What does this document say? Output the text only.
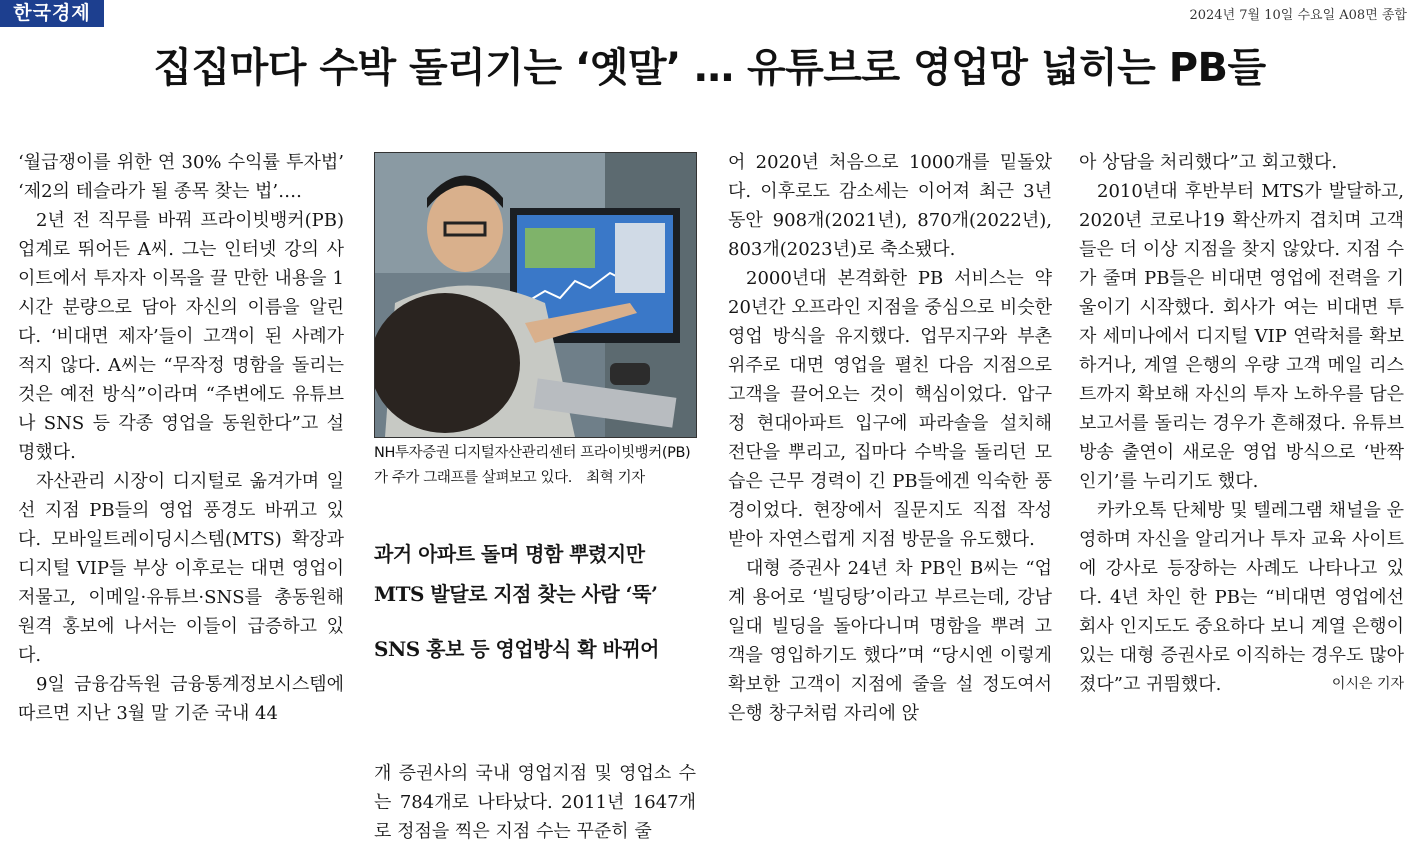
한국경제	2024년 7월 10일 수요일 A08면 종합
집집마다 수박 돌리기는 ‘옛말’ … 유튜브로 영업망 넓히는 PB들

‘월급쟁이를 위한 연 30% 수익률 투자법’ ‘제2의 테슬라가 될 종목 찾는 법’….

2년 전 직무를 바꿔 프라이빗뱅커(PB)업계로 뛰어든 A씨. 그는 인터넷 강의 사이트에서 투자자 이목을 끌 만한 내용을 1시간 분량으로 담아 자신의 이름을 알린다. ‘비대면 제자’들이 고객이 된 사례가 적지 않다. A씨는 “무작정 명함을 돌리는 것은 예전 방식”이라며 “주변에도 유튜브나 SNS 등 각종 영업을 동원한다”고 설명했다.

자산관리 시장이 디지털로 옮겨가며 일선 지점 PB들의 영업 풍경도 바뀌고 있다. 모바일트레이딩시스템(MTS) 확장과 디지털 VIP들 부상 이후로는 대면 영업이 저물고, 이메일·유튜브·SNS를 총동원해 원격 홍보에 나서는 이들이 급증하고 있다.

9일 금융감독원 금융통계정보시스템에 따르면 지난 3월 말 기준 국내 44

NH투자증권 디지털자산관리센터 프라이빗뱅커(PB)가 주가 그래프를 살펴보고 있다. 최혁 기자
과거 아파트 돌며 명함 뿌렸지만
MTS 발달로 지점 찾는 사람 ‘뚝’
SNS 홍보 등 영업방식 확 바뀌어

개 증권사의 국내 영업지점 및 영업소 수는 784개로 나타났다. 2011년 1647개로 정점을 찍은 지점 수는 꾸준히 줄

어 2020년 처음으로 1000개를 밑돌았다. 이후로도 감소세는 이어져 최근 3년 동안 908개(2021년), 870개(2022년), 803개(2023년)로 축소됐다.

2000년대 본격화한 PB 서비스는 약 20년간 오프라인 지점을 중심으로 비슷한 영업 방식을 유지했다. 업무지구와 부촌 위주로 대면 영업을 펼친 다음 지점으로 고객을 끌어오는 것이 핵심이었다. 압구정 현대아파트 입구에 파라솔을 설치해 전단을 뿌리고, 집마다 수박을 돌리던 모습은 근무 경력이 긴 PB들에겐 익숙한 풍경이었다. 현장에서 질문지도 직접 작성받아 자연스럽게 지점 방문을 유도했다.

대형 증권사 24년 차 PB인 B씨는 “업계 용어로 ‘빌딩탕’이라고 부르는데, 강남 일대 빌딩을 돌아다니며 명함을 뿌려 고객을 영입하기도 했다”며 “당시엔 이렇게 확보한 고객이 지점에 줄을 설 정도여서 은행 창구처럼 자리에 앉

아 상담을 처리했다”고 회고했다.

2010년대 후반부터 MTS가 발달하고, 2020년 코로나19 확산까지 겹치며 고객들은 더 이상 지점을 찾지 않았다. 지점 수가 줄며 PB들은 비대면 영업에 전력을 기울이기 시작했다. 회사가 여는 비대면 투자 세미나에서 디지털 VIP 연락처를 확보하거나, 계열 은행의 우량 고객 메일 리스트까지 확보해 자신의 투자 노하우를 담은 보고서를 돌리는 경우가 흔해졌다. 유튜브 방송 출연이 새로운 영업 방식으로 ‘반짝인기’를 누리기도 했다.

카카오톡 단체방 및 텔레그램 채널을 운영하며 자신을 알리거나 투자 교육 사이트에 강사로 등장하는 사례도 나타나고 있다. 4년 차인 한 PB는 “비대면 영업에선 회사 인지도도 중요하다 보니 계열 은행이 있는 대형 증권사로 이직하는 경우도 많아졌다”고 귀띔했다.	이시은 기자
